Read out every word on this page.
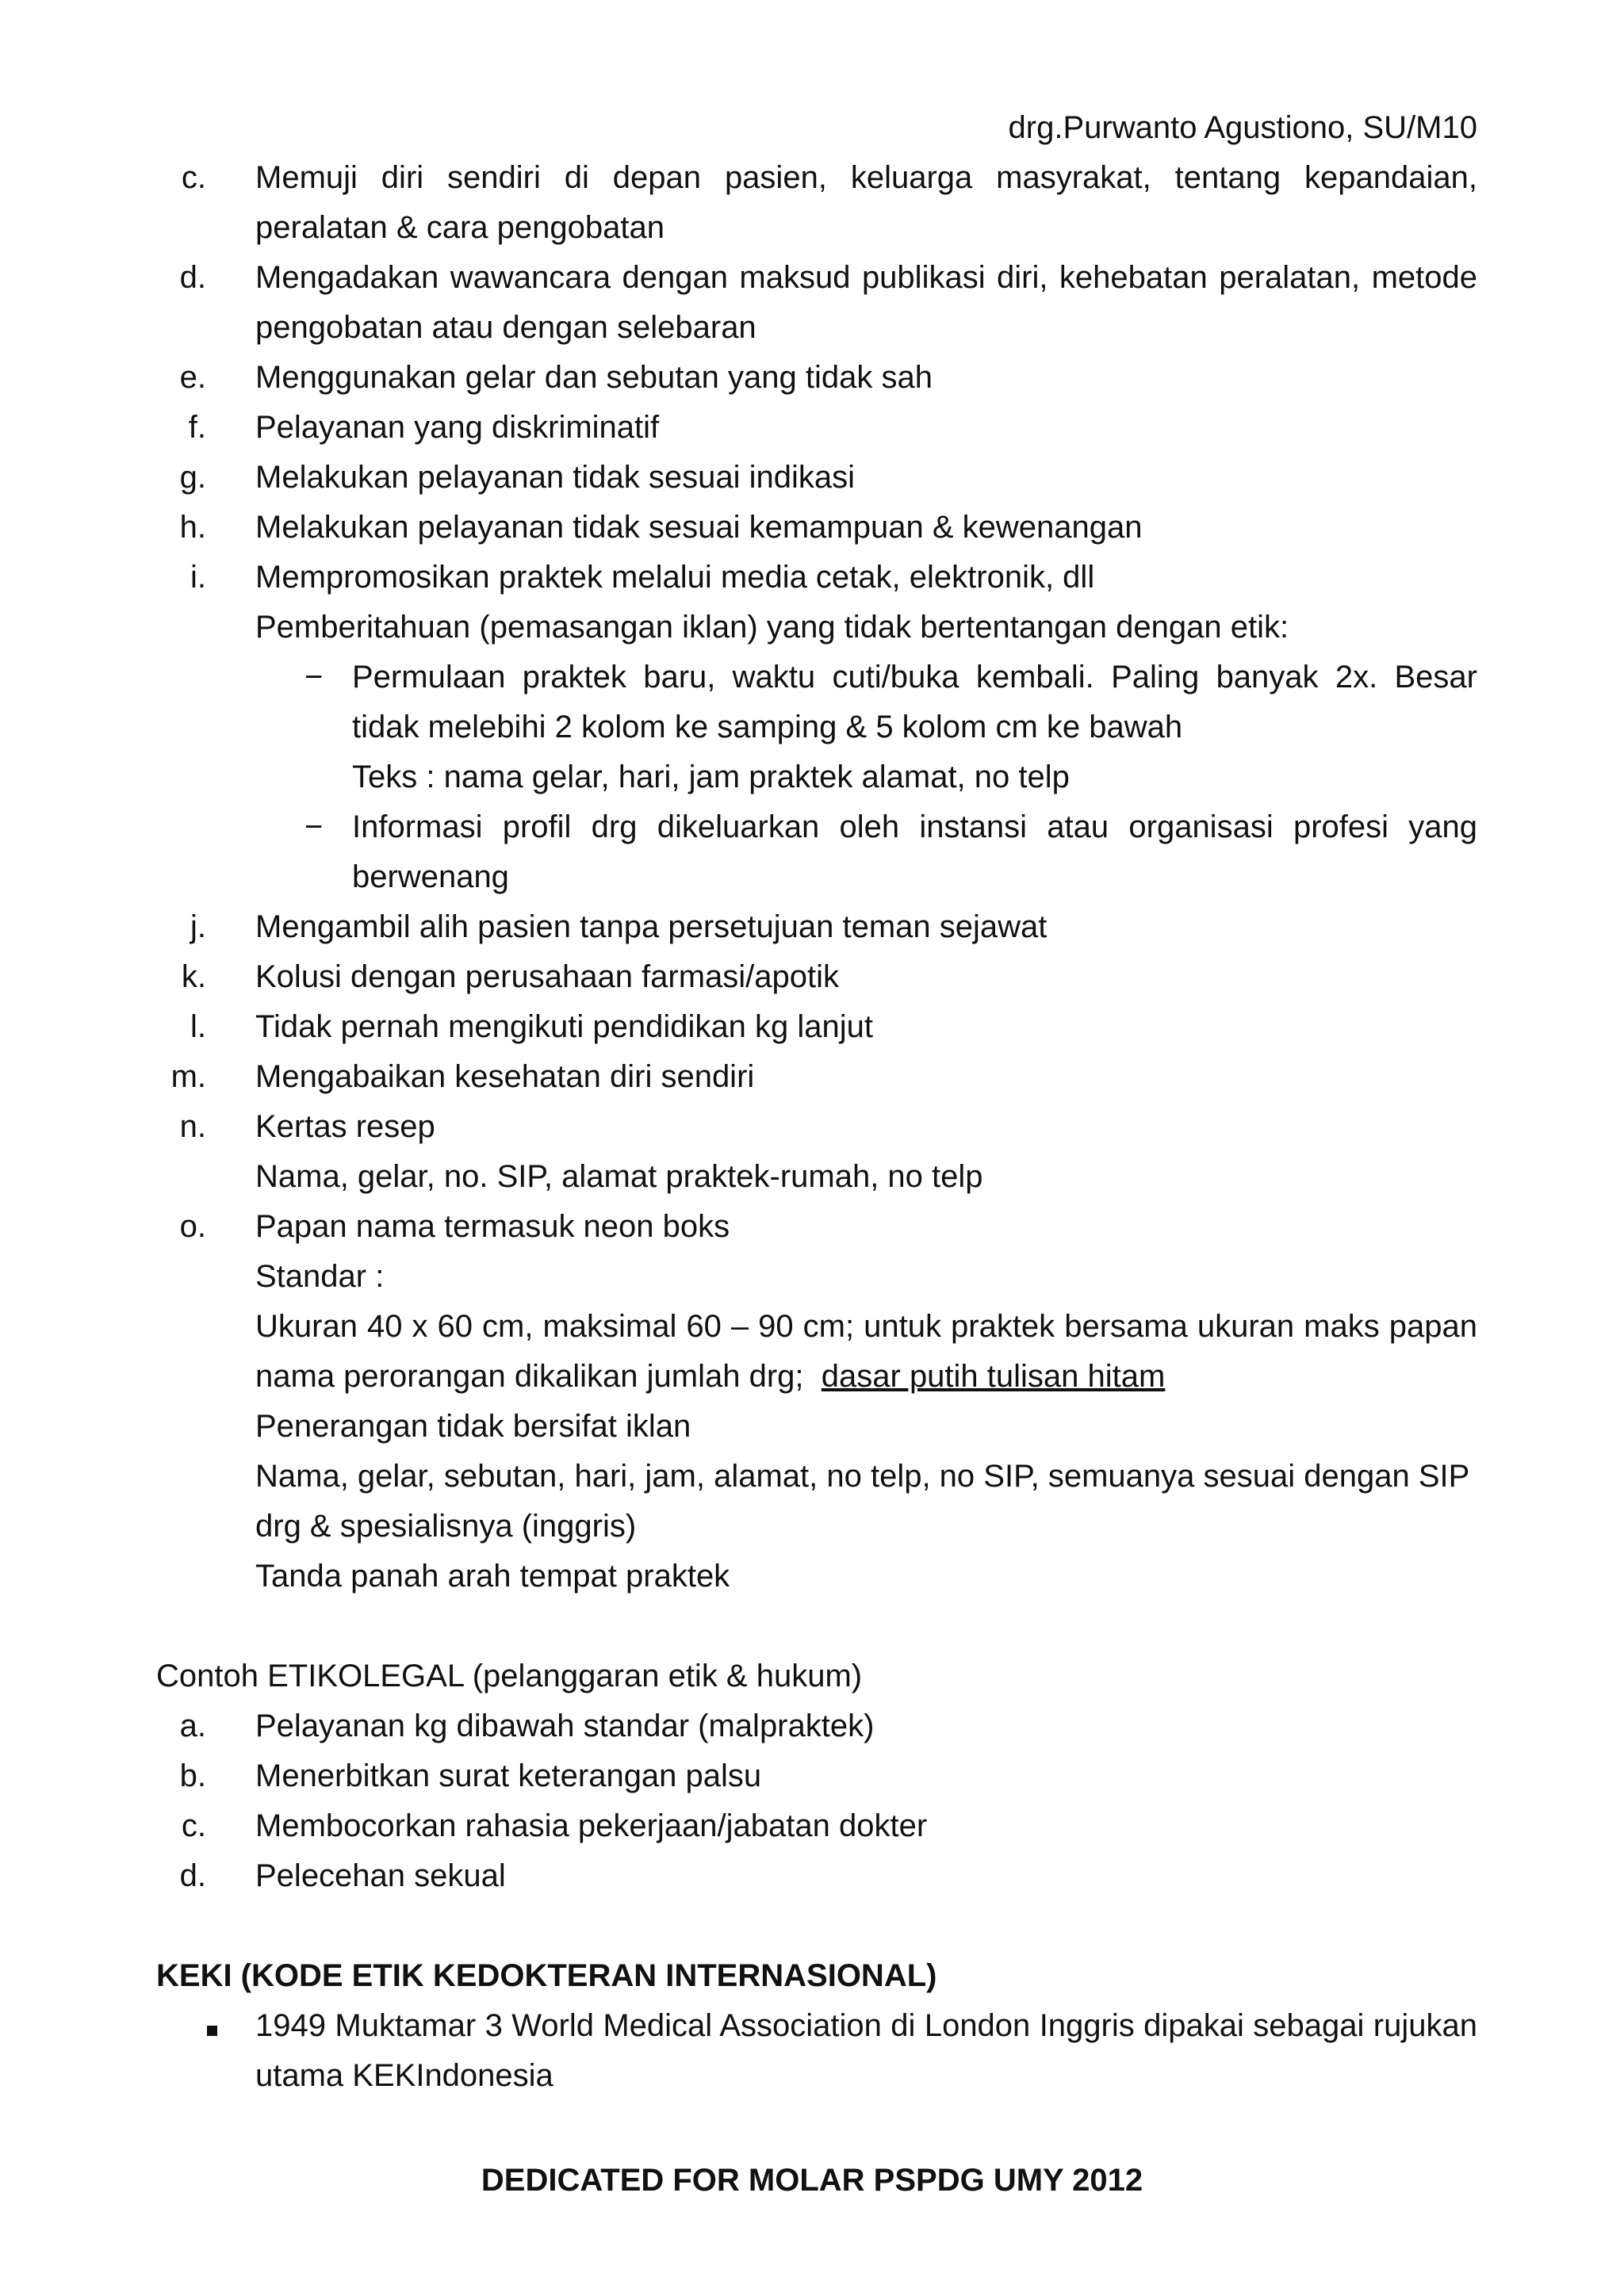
drg.Purwanto Agustiono, SU/M10
c.	Memuji diri sendiri di depan pasien, keluarga masyrakat, tentang kepandaian, peralatan & cara pengobatan
d.	Mengadakan wawancara dengan maksud publikasi diri, kehebatan peralatan, metode pengobatan atau dengan selebaran
e.	Menggunakan gelar dan sebutan yang tidak sah
f.	Pelayanan yang diskriminatif
g.	Melakukan pelayanan tidak sesuai indikasi
h.	Melakukan pelayanan tidak sesuai kemampuan & kewenangan
i.	Mempromosikan praktek melalui media cetak, elektronik, dll
Pemberitahuan (pemasangan iklan) yang tidak bertentangan dengan etik:
− Permulaan praktek baru, waktu cuti/buka kembali. Paling banyak 2x. Besar tidak melebihi 2 kolom ke samping & 5 kolom cm ke bawah
Teks : nama gelar, hari, jam praktek alamat, no telp
− Informasi profil drg dikeluarkan oleh instansi atau organisasi profesi yang berwenang
j.	Mengambil alih pasien tanpa persetujuan teman sejawat
k.	Kolusi dengan perusahaan farmasi/apotik
l.	Tidak pernah mengikuti pendidikan kg lanjut
m.	Mengabaikan kesehatan diri sendiri
n.	Kertas resep
Nama, gelar, no. SIP, alamat praktek-rumah, no telp
o.	Papan nama termasuk neon boks
Standar :
Ukuran 40 x 60 cm, maksimal 60 – 90 cm; untuk praktek bersama ukuran maks papan nama perorangan dikalikan jumlah drg; dasar putih tulisan hitam
Penerangan tidak bersifat iklan
Nama, gelar, sebutan, hari, jam, alamat, no telp, no SIP, semuanya sesuai dengan SIP
drg & spesialisnya (inggris)
Tanda panah arah tempat praktek
Contoh ETIKOLEGAL (pelanggaran etik & hukum)
a.	Pelayanan kg dibawah standar (malpraktek)
b.	Menerbitkan surat keterangan palsu
c.	Membocorkan rahasia pekerjaan/jabatan dokter
d.	Pelecehan sekual
KEKI (KODE ETIK KEDOKTERAN INTERNASIONAL)
1949 Muktamar 3 World Medical Association di London Inggris dipakai sebagai rujukan utama KEKIndonesia
DEDICATED FOR MOLAR PSPDG UMY 2012
